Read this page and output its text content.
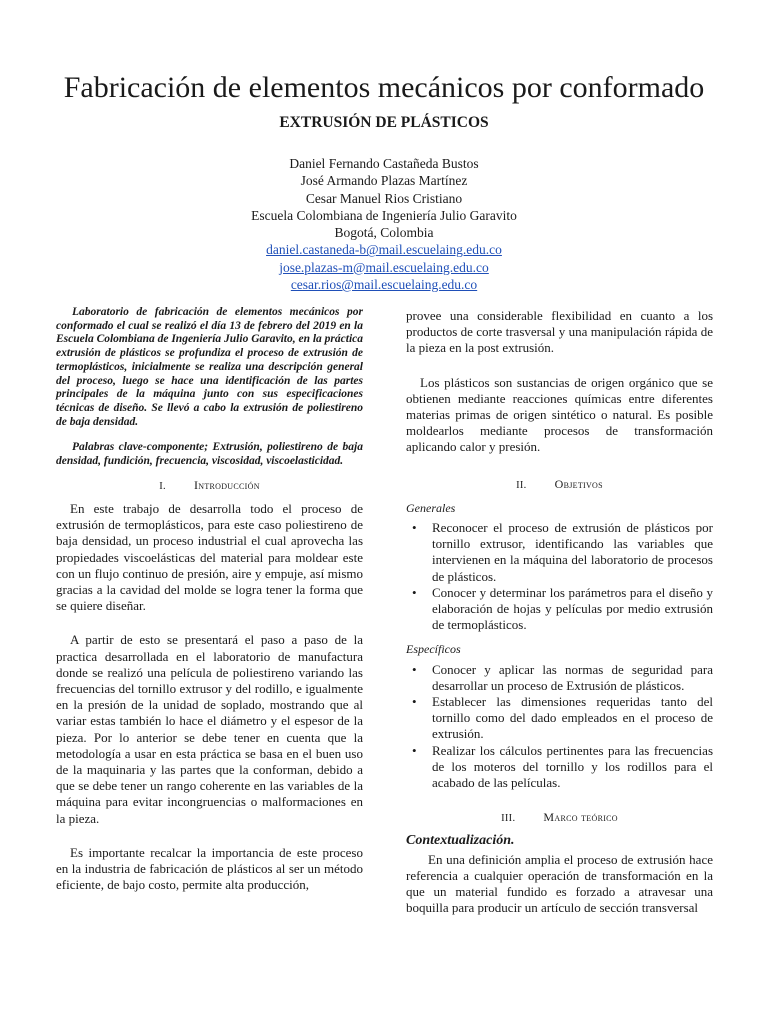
Fabricación de elementos mecánicos por conformado
EXTRUSIÓN DE PLÁSTICOS
Daniel Fernando Castañeda Bustos
José Armando Plazas Martínez
Cesar Manuel Rios Cristiano
Escuela Colombiana de Ingeniería Julio Garavito
Bogotá, Colombia
daniel.castaneda-b@mail.escuelaing.edu.co
jose.plazas-m@mail.escuelaing.edu.co
cesar.rios@mail.escuelaing.edu.co

Laboratorio de fabricación de elementos mecánicos por conformado el cual se realizó el día 13 de febrero del 2019 en la Escuela Colombiana de Ingeniería Julio Garavito, en la práctica extrusión de plásticos se profundiza el proceso de extrusión de termoplásticos, inicialmente se realiza una descripción general del proceso, luego se hace una identificación de las partes principales de la máquina junto con sus especificaciones técnicas de diseño. Se llevó a cabo la extrusión de poliestireno de baja densidad.

Palabras clave-componente; Extrusión, poliestireno de baja densidad, fundición, frecuencia, viscosidad, viscoelasticidad.

I. Introducción

En este trabajo de desarrolla todo el proceso de extrusión de termoplásticos, para este caso poliestireno de baja densidad, un proceso industrial el cual aprovecha las propiedades viscoelásticas del material para moldear este con un flujo continuo de presión, aire y empuje, así mismo gracias a la cavidad del molde se logra tener la forma que se quiere diseñar.

A partir de esto se presentará el paso a paso de la practica desarrollada en el laboratorio de manufactura donde se realizó una película de poliestireno variando las frecuencias del tornillo extrusor y del rodillo, e igualmente en la presión de la unidad de soplado, mostrando que al variar estas también lo hace el diámetro y el espesor de la pieza. Por lo anterior se debe tener en cuenta que la metodología a usar en esta práctica se basa en el buen uso de la maquinaria y las partes que la conforman, debido a que se debe tener un rango coherente en las variables de la máquina para evitar incongruencias o malformaciones en la pieza.

Es importante recalcar la importancia de este proceso en la industria de fabricación de plásticos al ser un método eficiente, de bajo costo, permite alta producción,

provee una considerable flexibilidad en cuanto a los productos de corte trasversal y una manipulación rápida de la pieza en la post extrusión.

Los plásticos son sustancias de origen orgánico que se obtienen mediante reacciones químicas entre diferentes materias primas de origen sintético o natural. Es posible moldearlos mediante procesos de transformación aplicando calor y presión.

II. Objetivos
Generales
• Reconocer el proceso de extrusión de plásticos por tornillo extrusor, identificando las variables que intervienen en la máquina del laboratorio de procesos de plásticos.
• Conocer y determinar los parámetros para el diseño y elaboración de hojas y películas por medio extrusión de termoplásticos.
Específicos
• Conocer y aplicar las normas de seguridad para desarrollar un proceso de Extrusión de plásticos.
• Establecer las dimensiones requeridas tanto del tornillo como del dado empleados en el proceso de extrusión.
• Realizar los cálculos pertinentes para las frecuencias de los moteros del tornillo y los rodillos para el acabado de las películas.
III. Marco teórico
Contextualización.

En una definición amplia el proceso de extrusión hace referencia a cualquier operación de transformación en la que un material fundido es forzado a atravesar una boquilla para producir un artículo de sección transversal
